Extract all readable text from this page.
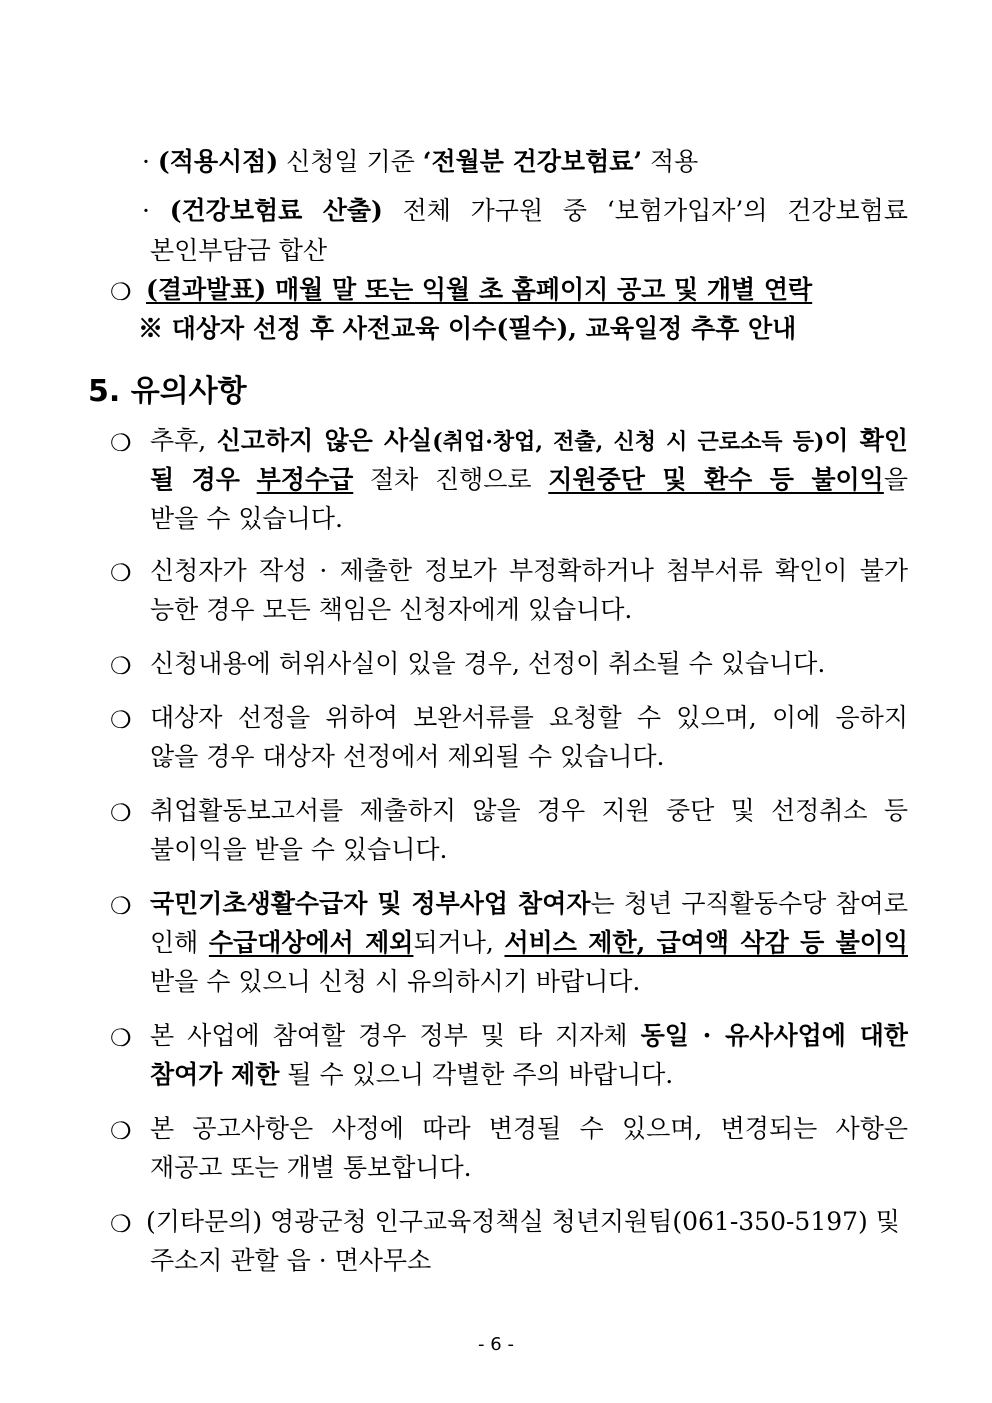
· (적용시점) 신청일 기준 ‘전월분 건강보험료’ 적용
· (건강보험료 산출) 전체 가구원 중 ‘보험가입자’의 건강보험료
본인부담금 합산
❍ (결과발표) 매월 말 또는 익월 초 홈페이지 공고 및 개별 연락
※ 대상자 선정 후 사전교육 이수(필수), 교육일정 추후 안내
5. 유의사항
❍ 추후, 신고하지 않은 사실(취업·창업, 전출, 신청 시 근로소득 등)이 확인
될 경우 부정수급 절차 진행으로 지원중단 및 환수 등 불이익을
받을 수 있습니다.
❍ 신청자가 작성 · 제출한 정보가 부정확하거나 첨부서류 확인이 불가
능한 경우 모든 책임은 신청자에게 있습니다.
❍ 신청내용에 허위사실이 있을 경우, 선정이 취소될 수 있습니다.
❍ 대상자 선정을 위하여 보완서류를 요청할 수 있으며, 이에 응하지
않을 경우 대상자 선정에서 제외될 수 있습니다.
❍ 취업활동보고서를 제출하지 않을 경우 지원 중단 및 선정취소 등
불이익을 받을 수 있습니다.
❍ 국민기초생활수급자 및 정부사업 참여자는 청년 구직활동수당 참여로
인해 수급대상에서 제외되거나, 서비스 제한, 급여액 삭감 등 불이익
받을 수 있으니 신청 시 유의하시기 바랍니다.
❍ 본 사업에 참여할 경우 정부 및 타 지자체 동일 · 유사사업에 대한
참여가 제한 될 수 있으니 각별한 주의 바랍니다.
❍ 본 공고사항은 사정에 따라 변경될 수 있으며, 변경되는 사항은
재공고 또는 개별 통보합니다.
❍ (기타문의) 영광군청 인구교육정책실 청년지원팀(061-350-5197) 및
주소지 관할 읍 · 면사무소
- 6 -
